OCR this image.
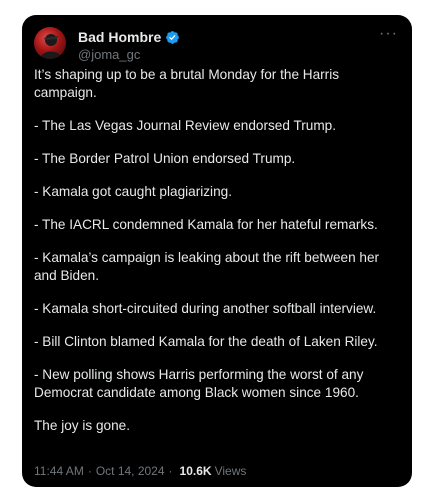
Bad Hombre
@joma_gc
···

It’s shaping up to be a brutal Monday for the Harris campaign.

- The Las Vegas Journal Review endorsed Trump.

- The Border Patrol Union endorsed Trump.

- Kamala got caught plagiarizing.

- The IACRL condemned Kamala for her hateful remarks.

- Kamala’s campaign is leaking about the rift between her and Biden.

- Kamala short-circuited during another softball interview.

- Bill Clinton blamed Kamala for the death of Laken Riley.

- New polling shows Harris performing the worst of any Democrat candidate among Black women since 1960.

The joy is gone.

11:44 AM · Oct 14, 2024 · 10.6K Views
